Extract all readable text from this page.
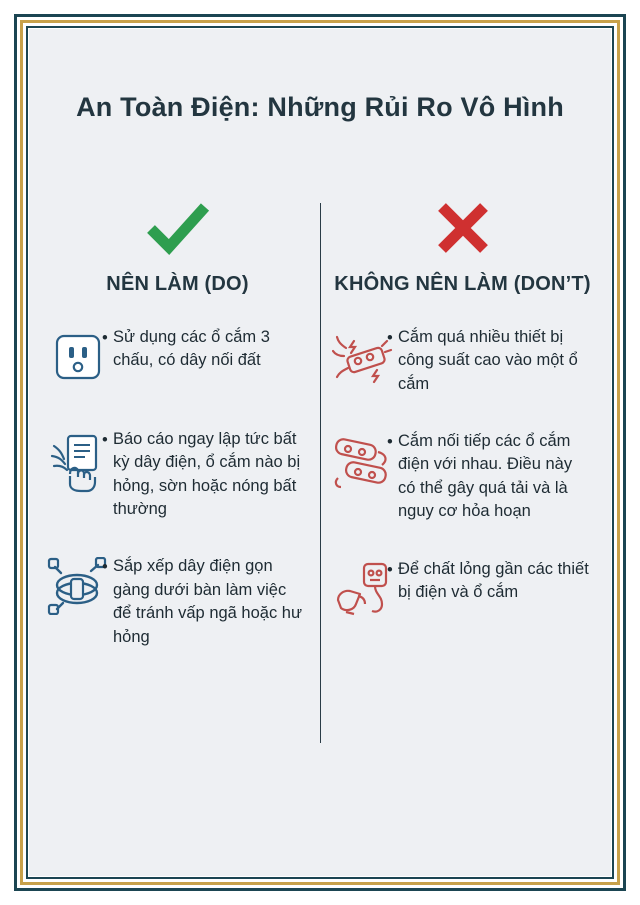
An Toàn Điện: Những Rủi Ro Vô Hình
NÊN LÀM (DO)
• Sử dụng các ổ cắm 3 chấu, có dây nối đất
• Báo cáo ngay lập tức bất kỳ dây điện, ổ cắm nào bị hỏng, sờn hoặc nóng bất thường
• Sắp xếp dây điện gọn gàng dưới bàn làm việc để tránh vấp ngã hoặc hư hỏng
KHÔNG NÊN LÀM (DON’T)
• Cắm quá nhiều thiết bị công suất cao vào một ổ cắm
• Cắm nối tiếp các ổ cắm điện với nhau. Điều này có thể gây quá tải và là nguy cơ hỏa hoạn
• Để chất lỏng gần các thiết bị điện và ổ cắm
